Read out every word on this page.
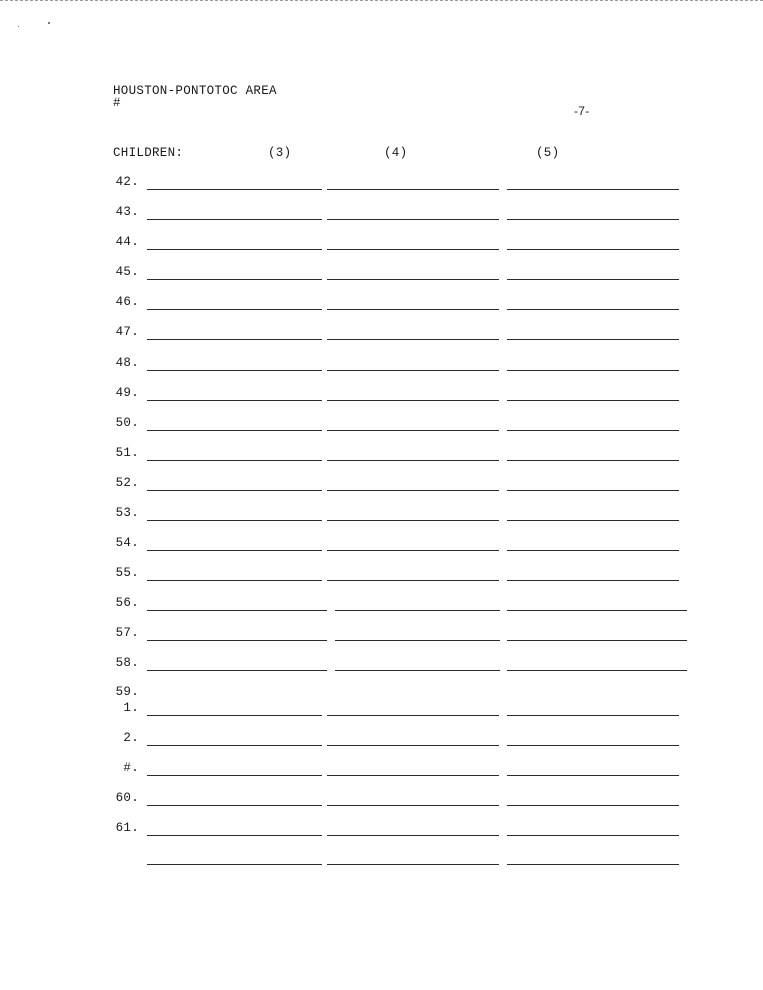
HOUSTON-PONTOTOC AREA
#
-7-
CHILDREN:	(3)	(4)	(5)
42.
43.
44.
45.
46.
47.
48.
49.
50.
51.
52.
53.
54.
55.
56.
57.
58.
59.
1.
2.
#.
60.
61.
